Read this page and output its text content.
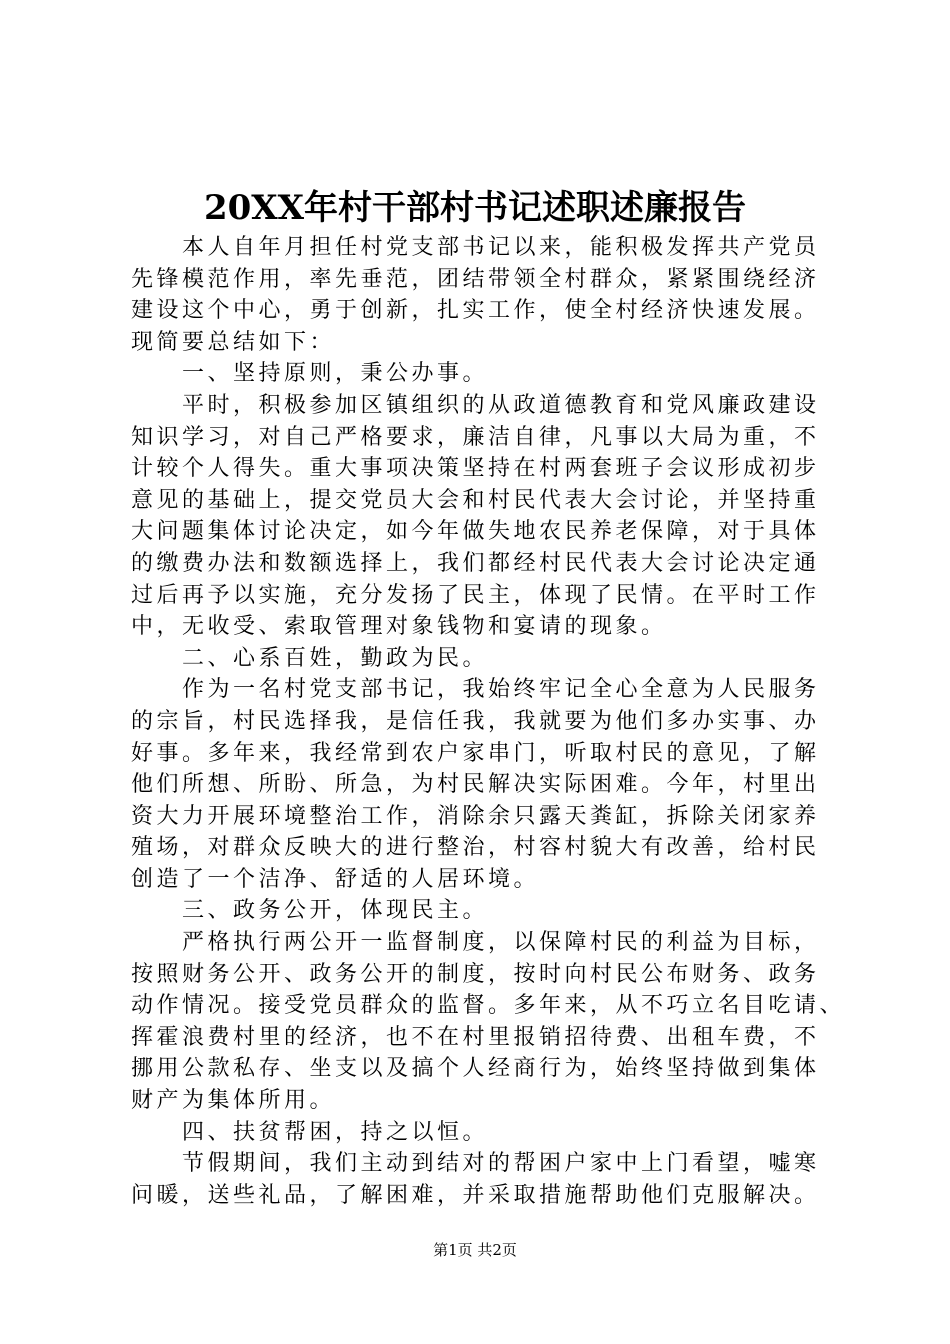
20XX年村干部村书记述职述廉报告
本人自年月担任村党支部书记以来，能积极发挥共产党员
先锋模范作用，率先垂范，团结带领全村群众，紧紧围绕经济
建设这个中心，勇于创新，扎实工作，使全村经济快速发展。
现简要总结如下：
一、坚持原则，秉公办事。
平时，积极参加区镇组织的从政道德教育和党风廉政建设
知识学习，对自己严格要求，廉洁自律，凡事以大局为重，不
计较个人得失。重大事项决策坚持在村两套班子会议形成初步
意见的基础上，提交党员大会和村民代表大会讨论，并坚持重
大问题集体讨论决定，如今年做失地农民养老保障，对于具体
的缴费办法和数额选择上，我们都经村民代表大会讨论决定通
过后再予以实施，充分发扬了民主，体现了民情。在平时工作
中，无收受、索取管理对象钱物和宴请的现象。
二、心系百姓，勤政为民。
作为一名村党支部书记，我始终牢记全心全意为人民服务
的宗旨，村民选择我，是信任我，我就要为他们多办实事、办
好事。多年来，我经常到农户家串门，听取村民的意见，了解
他们所想、所盼、所急，为村民解决实际困难。今年，村里出
资大力开展环境整治工作，消除余只露天粪缸，拆除关闭家养
殖场，对群众反映大的进行整治，村容村貌大有改善，给村民
创造了一个洁净、舒适的人居环境。
三、政务公开，体现民主。
严格执行两公开一监督制度，以保障村民的利益为目标，
按照财务公开、政务公开的制度，按时向村民公布财务、政务
动作情况。接受党员群众的监督。多年来，从不巧立名目吃请、
挥霍浪费村里的经济，也不在村里报销招待费、出租车费，不
挪用公款私存、坐支以及搞个人经商行为，始终坚持做到集体
财产为集体所用。
四、扶贫帮困，持之以恒。
节假期间，我们主动到结对的帮困户家中上门看望，嘘寒
问暖，送些礼品，了解困难，并采取措施帮助他们克服解决。
第1页 共2页
